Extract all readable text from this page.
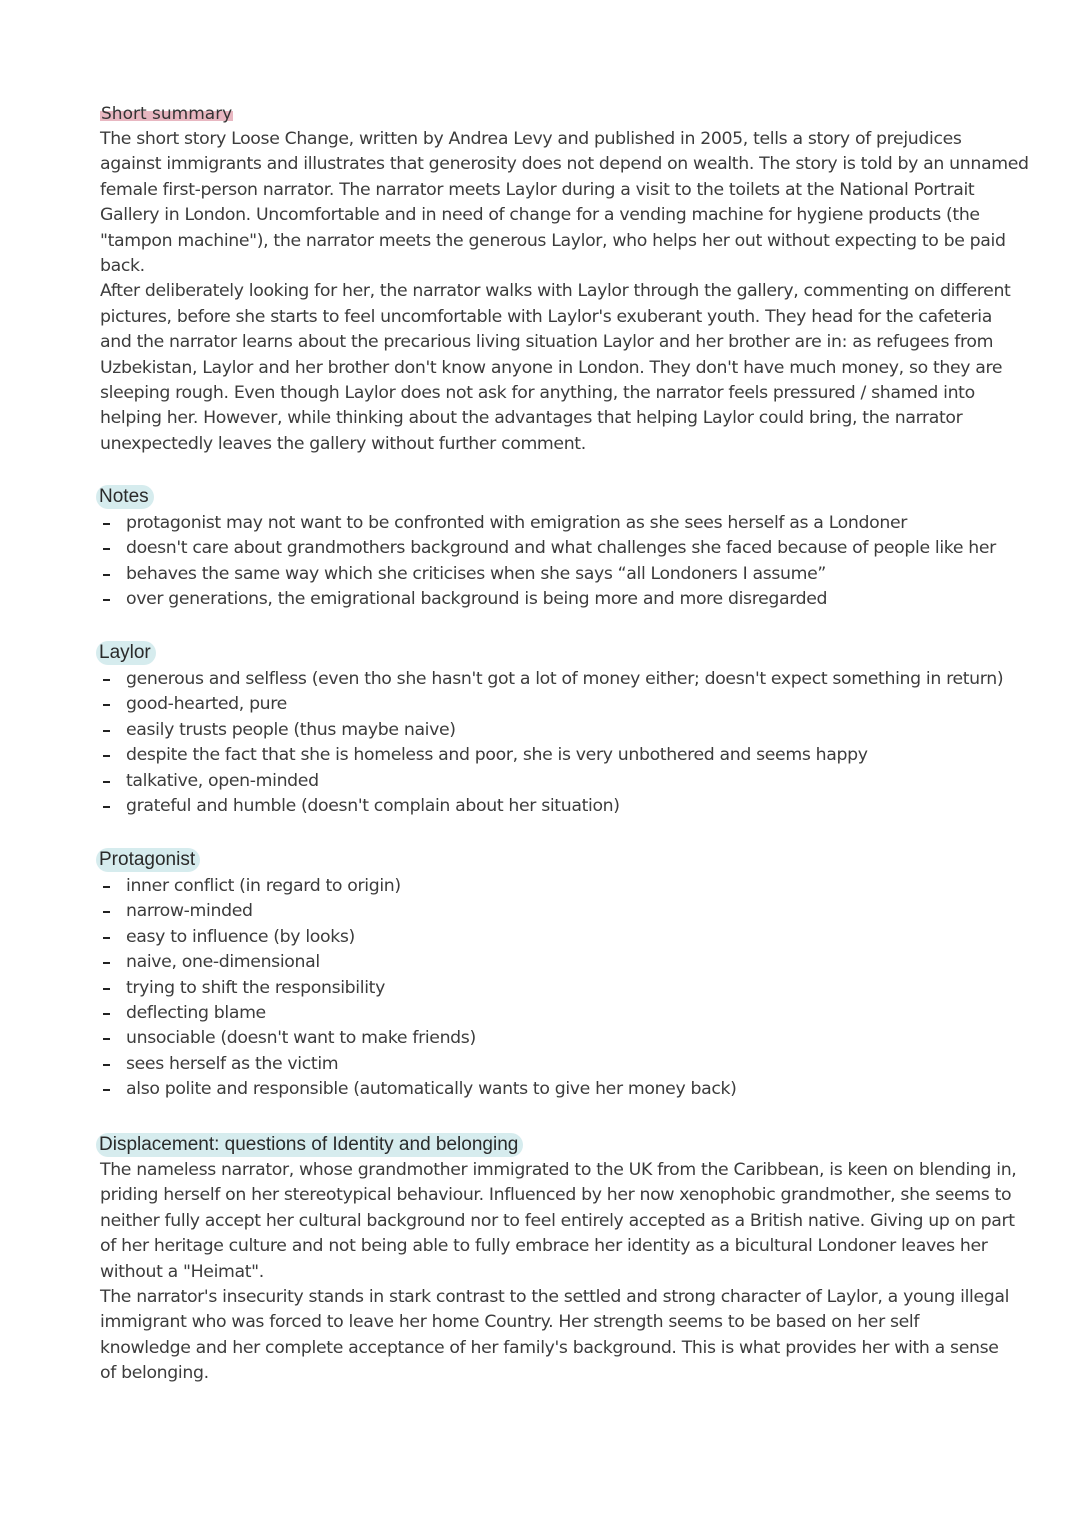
Short summary

The short story Loose Change, written by Andrea Levy and published in 2005, tells a story of prejudices
against immigrants and illustrates that generosity does not depend on wealth. The story is told by an unnamed
female first-person narrator. The narrator meets Laylor during a visit to the toilets at the National Portrait
Gallery in London. Uncomfortable and in need of change for a vending machine for hygiene products (the
"tampon machine"), the narrator meets the generous Laylor, who helps her out without expecting to be paid
back.
After deliberately looking for her, the narrator walks with Laylor through the gallery, commenting on different
pictures, before she starts to feel uncomfortable with Laylor's exuberant youth. They head for the cafeteria
and the narrator learns about the precarious living situation Laylor and her brother are in: as refugees from
Uzbekistan, Laylor and her brother don't know anyone in London. They don't have much money, so they are
sleeping rough. Even though Laylor does not ask for anything, the narrator feels pressured / shamed into
helping her. However, while thinking about the advantages that helping Laylor could bring, the narrator
unexpectedly leaves the gallery without further comment.

Notes
protagonist may not want to be confronted with emigration as she sees herself as a Londoner
doesn't care about grandmothers background and what challenges she faced because of people like her
behaves the same way which she criticises when she says “all Londoners I assume”
over generations, the emigrational background is being more and more disregarded
Laylor
generous and selfless (even tho she hasn't got a lot of money either; doesn't expect something in return)
good-hearted, pure
easily trusts people (thus maybe naive)
despite the fact that she is homeless and poor, she is very unbothered and seems happy
talkative, open-minded
grateful and humble (doesn't complain about her situation)
Protagonist
inner conflict (in regard to origin)
narrow-minded
easy to influence (by looks)
naive, one-dimensional
trying to shift the responsibility
deflecting blame
unsociable (doesn't want to make friends)
sees herself as the victim
also polite and responsible (automatically wants to give her money back)
Displacement: questions of Identity and belonging

The nameless narrator, whose grandmother immigrated to the UK from the Caribbean, is keen on blending in,
priding herself on her stereotypical behaviour. Influenced by her now xenophobic grandmother, she seems to
neither fully accept her cultural background nor to feel entirely accepted as a British native. Giving up on part
of her heritage culture and not being able to fully embrace her identity as a bicultural Londoner leaves her
without a "Heimat".
The narrator's insecurity stands in stark contrast to the settled and strong character of Laylor, a young illegal
immigrant who was forced to leave her home Country. Her strength seems to be based on her self
knowledge and her complete acceptance of her family's background. This is what provides her with a sense
of belonging.
